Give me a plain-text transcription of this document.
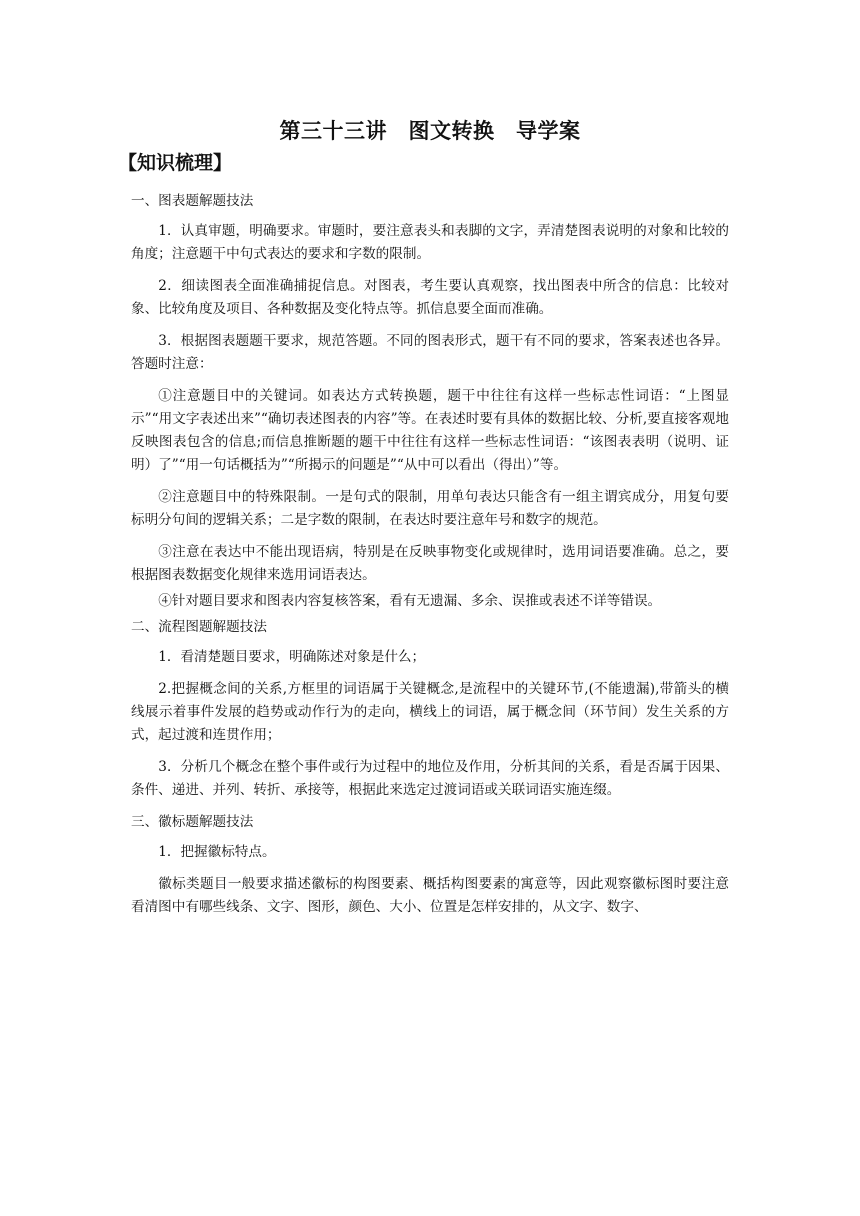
第三十三讲　图文转换　导学案
【知识梳理】

一、图表题解题技法

1．认真审题，明确要求。审题时，要注意表头和表脚的文字，弄清楚图表说明的对象和比较的角度；注意题干中句式表达的要求和字数的限制。

2．细读图表全面准确捕捉信息。对图表，考生要认真观察，找出图表中所含的信息：比较对象、比较角度及项目、各种数据及变化特点等。抓信息要全面而准确。

3．根据图表题题干要求，规范答题。不同的图表形式，题干有不同的要求，答案表述也各异。答题时注意：

①注意题目中的关键词。如表达方式转换题，题干中往往有这样一些标志性词语：“上图显示”“用文字表述出来”“确切表述图表的内容”等。在表述时要有具体的数据比较、分析,要直接客观地反映图表包含的信息;而信息推断题的题干中往往有这样一些标志性词语：“该图表表明（说明、证明）了”“用一句话概括为”“所揭示的问题是”“从中可以看出（得出）”等。

②注意题目中的特殊限制。一是句式的限制，用单句表达只能含有一组主谓宾成分，用复句要标明分句间的逻辑关系；二是字数的限制，在表达时要注意年号和数字的规范。

③注意在表达中不能出现语病，特别是在反映事物变化或规律时，选用词语要准确。总之，要根据图表数据变化规律来选用词语表达。

④针对题目要求和图表内容复核答案，看有无遗漏、多余、误推或表述不详等错误。

二、流程图题解题技法

1．看清楚题目要求，明确陈述对象是什么；

2.把握概念间的关系,方框里的词语属于关键概念,是流程中的关键环节,(不能遗漏),带箭头的横线展示着事件发展的趋势或动作行为的走向，横线上的词语，属于概念间（环节间）发生关系的方式，起过渡和连贯作用；

3．分析几个概念在整个事件或行为过程中的地位及作用，分析其间的关系，看是否属于因果、条件、递进、并列、转折、承接等，根据此来选定过渡词语或关联词语实施连缀。

三、徽标题解题技法

1．把握徽标特点。

徽标类题目一般要求描述徽标的构图要素、概括构图要素的寓意等，因此观察徽标图时要注意看清图中有哪些线条、文字、图形，颜色、大小、位置是怎样安排的，从文字、数字、
